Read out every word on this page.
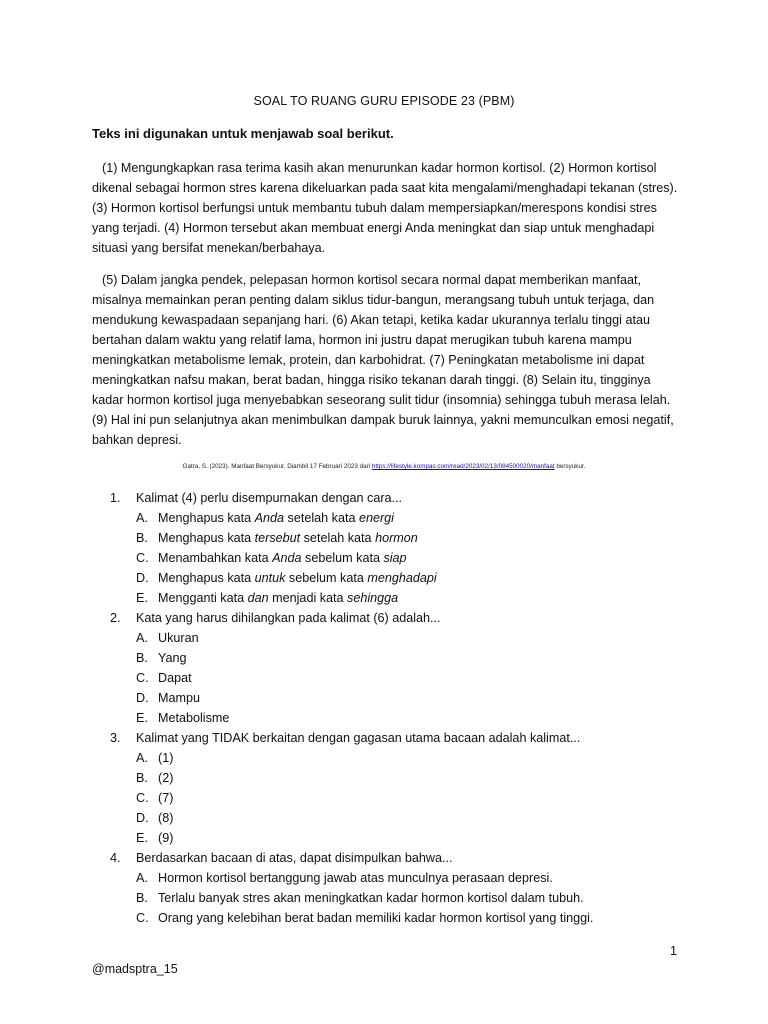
SOAL TO RUANG GURU EPISODE 23 (PBM)
Teks ini digunakan untuk menjawab soal berikut.

(1) Mengungkapkan rasa terima kasih akan menurunkan kadar hormon kortisol. (2) Hormon kortisol dikenal sebagai hormon stres karena dikeluarkan pada saat kita mengalami/menghadapi tekanan (stres). (3) Hormon kortisol berfungsi untuk membantu tubuh dalam mempersiapkan/merespons kondisi stres yang terjadi. (4) Hormon tersebut akan membuat energi Anda meningkat dan siap untuk menghadapi situasi yang bersifat menekan/berbahaya.

(5) Dalam jangka pendek, pelepasan hormon kortisol secara normal dapat memberikan manfaat, misalnya memainkan peran penting dalam siklus tidur-bangun, merangsang tubuh untuk terjaga, dan mendukung kewaspadaan sepanjang hari. (6) Akan tetapi, ketika kadar ukurannya terlalu tinggi atau bertahan dalam waktu yang relatif lama, hormon ini justru dapat merugikan tubuh karena mampu meningkatkan metabolisme lemak, protein, dan karbohidrat. (7) Peningkatan metabolisme ini dapat meningkatkan nafsu makan, berat badan, hingga risiko tekanan darah tinggi. (8) Selain itu, tingginya kadar hormon kortisol juga menyebabkan seseorang sulit tidur (insomnia) sehingga tubuh merasa lelah. (9) Hal ini pun selanjutnya akan menimbulkan dampak buruk lainnya, yakni memunculkan emosi negatif, bahkan depresi.

Gatra, S. (2023). Manfaat Bersyukur. Diambil 17 Februari 2023 dari https://lifestyle.kompas.com/read/2023/02/13/084500020/manfaat bersyukur.
1.	Kalimat (4) perlu disempurnakan dengan cara...
A. Menghapus kata Anda setelah kata energi
B. Menghapus kata tersebut setelah kata hormon
C. Menambahkan kata Anda sebelum kata siap
D. Menghapus kata untuk sebelum kata menghadapi
E. Mengganti kata dan menjadi kata sehingga
2.	Kata yang harus dihilangkan pada kalimat (6) adalah...
A. Ukuran
B. Yang
C. Dapat
D. Mampu
E. Metabolisme
3.	Kalimat yang TIDAK berkaitan dengan gagasan utama bacaan adalah kalimat...
A. (1)
B. (2)
C. (7)
D. (8)
E. (9)
4.	Berdasarkan bacaan di atas, dapat disimpulkan bahwa...
A. Hormon kortisol bertanggung jawab atas munculnya perasaan depresi.
B. Terlalu banyak stres akan meningkatkan kadar hormon kortisol dalam tubuh.
C. Orang yang kelebihan berat badan memiliki kadar hormon kortisol yang tinggi.
1
@madsptra_15
